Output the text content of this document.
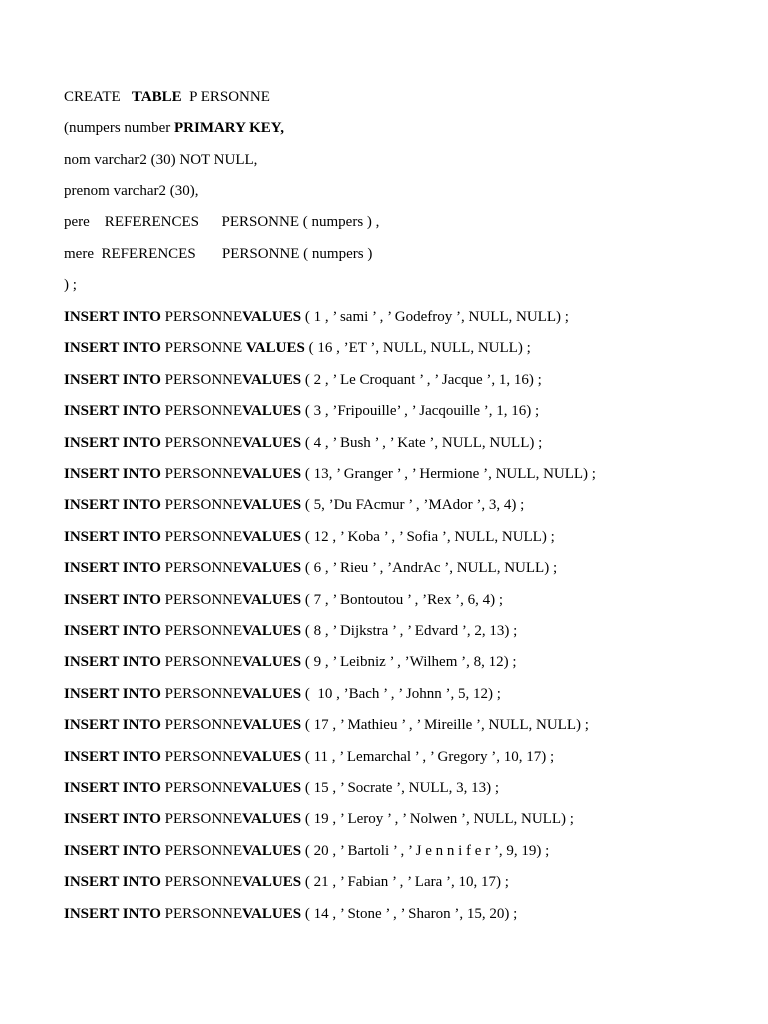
CREATE   TABLE  P ERSONNE
(numpers number PRIMARY KEY,
nom varchar2 (30) NOT NULL,
prenom varchar2 (30),
pere    REFERENCES      PERSONNE ( numpers ) ,
mere  REFERENCES       PERSONNE ( numpers )
) ;
INSERT INTO PERSONNEVALUES ( 1 , ’ sami ’ , ’ Godefroy ’, NULL, NULL) ;
INSERT INTO PERSONNE VALUES ( 16 , ’ET ’, NULL, NULL, NULL) ;
INSERT INTO PERSONNEVALUES ( 2 , ’ Le Croquant ’ , ’ Jacque ’, 1, 16) ;
INSERT INTO PERSONNEVALUES ( 3 , ’Fripouille’ , ’ Jacqouille ’, 1, 16) ;
INSERT INTO PERSONNEVALUES ( 4 , ’ Bush ’ , ’ Kate ’, NULL, NULL) ;
INSERT INTO PERSONNEVALUES ( 13, ’ Granger ’ , ’ Hermione ’, NULL, NULL) ;
INSERT INTO PERSONNEVALUES ( 5, ’Du FAcmur ’ , ’MAdor ’, 3, 4) ;
INSERT INTO PERSONNEVALUES ( 12 , ’ Koba ’ , ’ Sofia ’, NULL, NULL) ;
INSERT INTO PERSONNEVALUES ( 6 , ’ Rieu ’ , ’AndrAc ’, NULL, NULL) ;
INSERT INTO PERSONNEVALUES ( 7 , ’ Bontoutou ’ , ’Rex ’, 6, 4) ;
INSERT INTO PERSONNEVALUES ( 8 , ’ Dijkstra ’ , ’ Edvard ’, 2, 13) ;
INSERT INTO PERSONNEVALUES ( 9 , ’ Leibniz ’ , ’Wilhem ’, 8, 12) ;
INSERT INTO PERSONNEVALUES (  10 , ’Bach ’ , ’ Johnn ’, 5, 12) ;
INSERT INTO PERSONNEVALUES ( 17 , ’ Mathieu ’ , ’ Mireille ’, NULL, NULL) ;
INSERT INTO PERSONNEVALUES ( 11 , ’ Lemarchal ’ , ’ Gregory ’, 10, 17) ;
INSERT INTO PERSONNEVALUES ( 15 , ’ Socrate ’, NULL, 3, 13) ;
INSERT INTO PERSONNEVALUES ( 19 , ’ Leroy ’ , ’ Nolwen ’, NULL, NULL) ;
INSERT INTO PERSONNEVALUES ( 20 , ’ Bartoli ’ , ’ J e n n i f e r ’, 9, 19) ;
INSERT INTO PERSONNEVALUES ( 21 , ’ Fabian ’ , ’ Lara ’, 10, 17) ;
INSERT INTO PERSONNEVALUES ( 14 , ’ Stone ’ , ’ Sharon ’, 15, 20) ;
